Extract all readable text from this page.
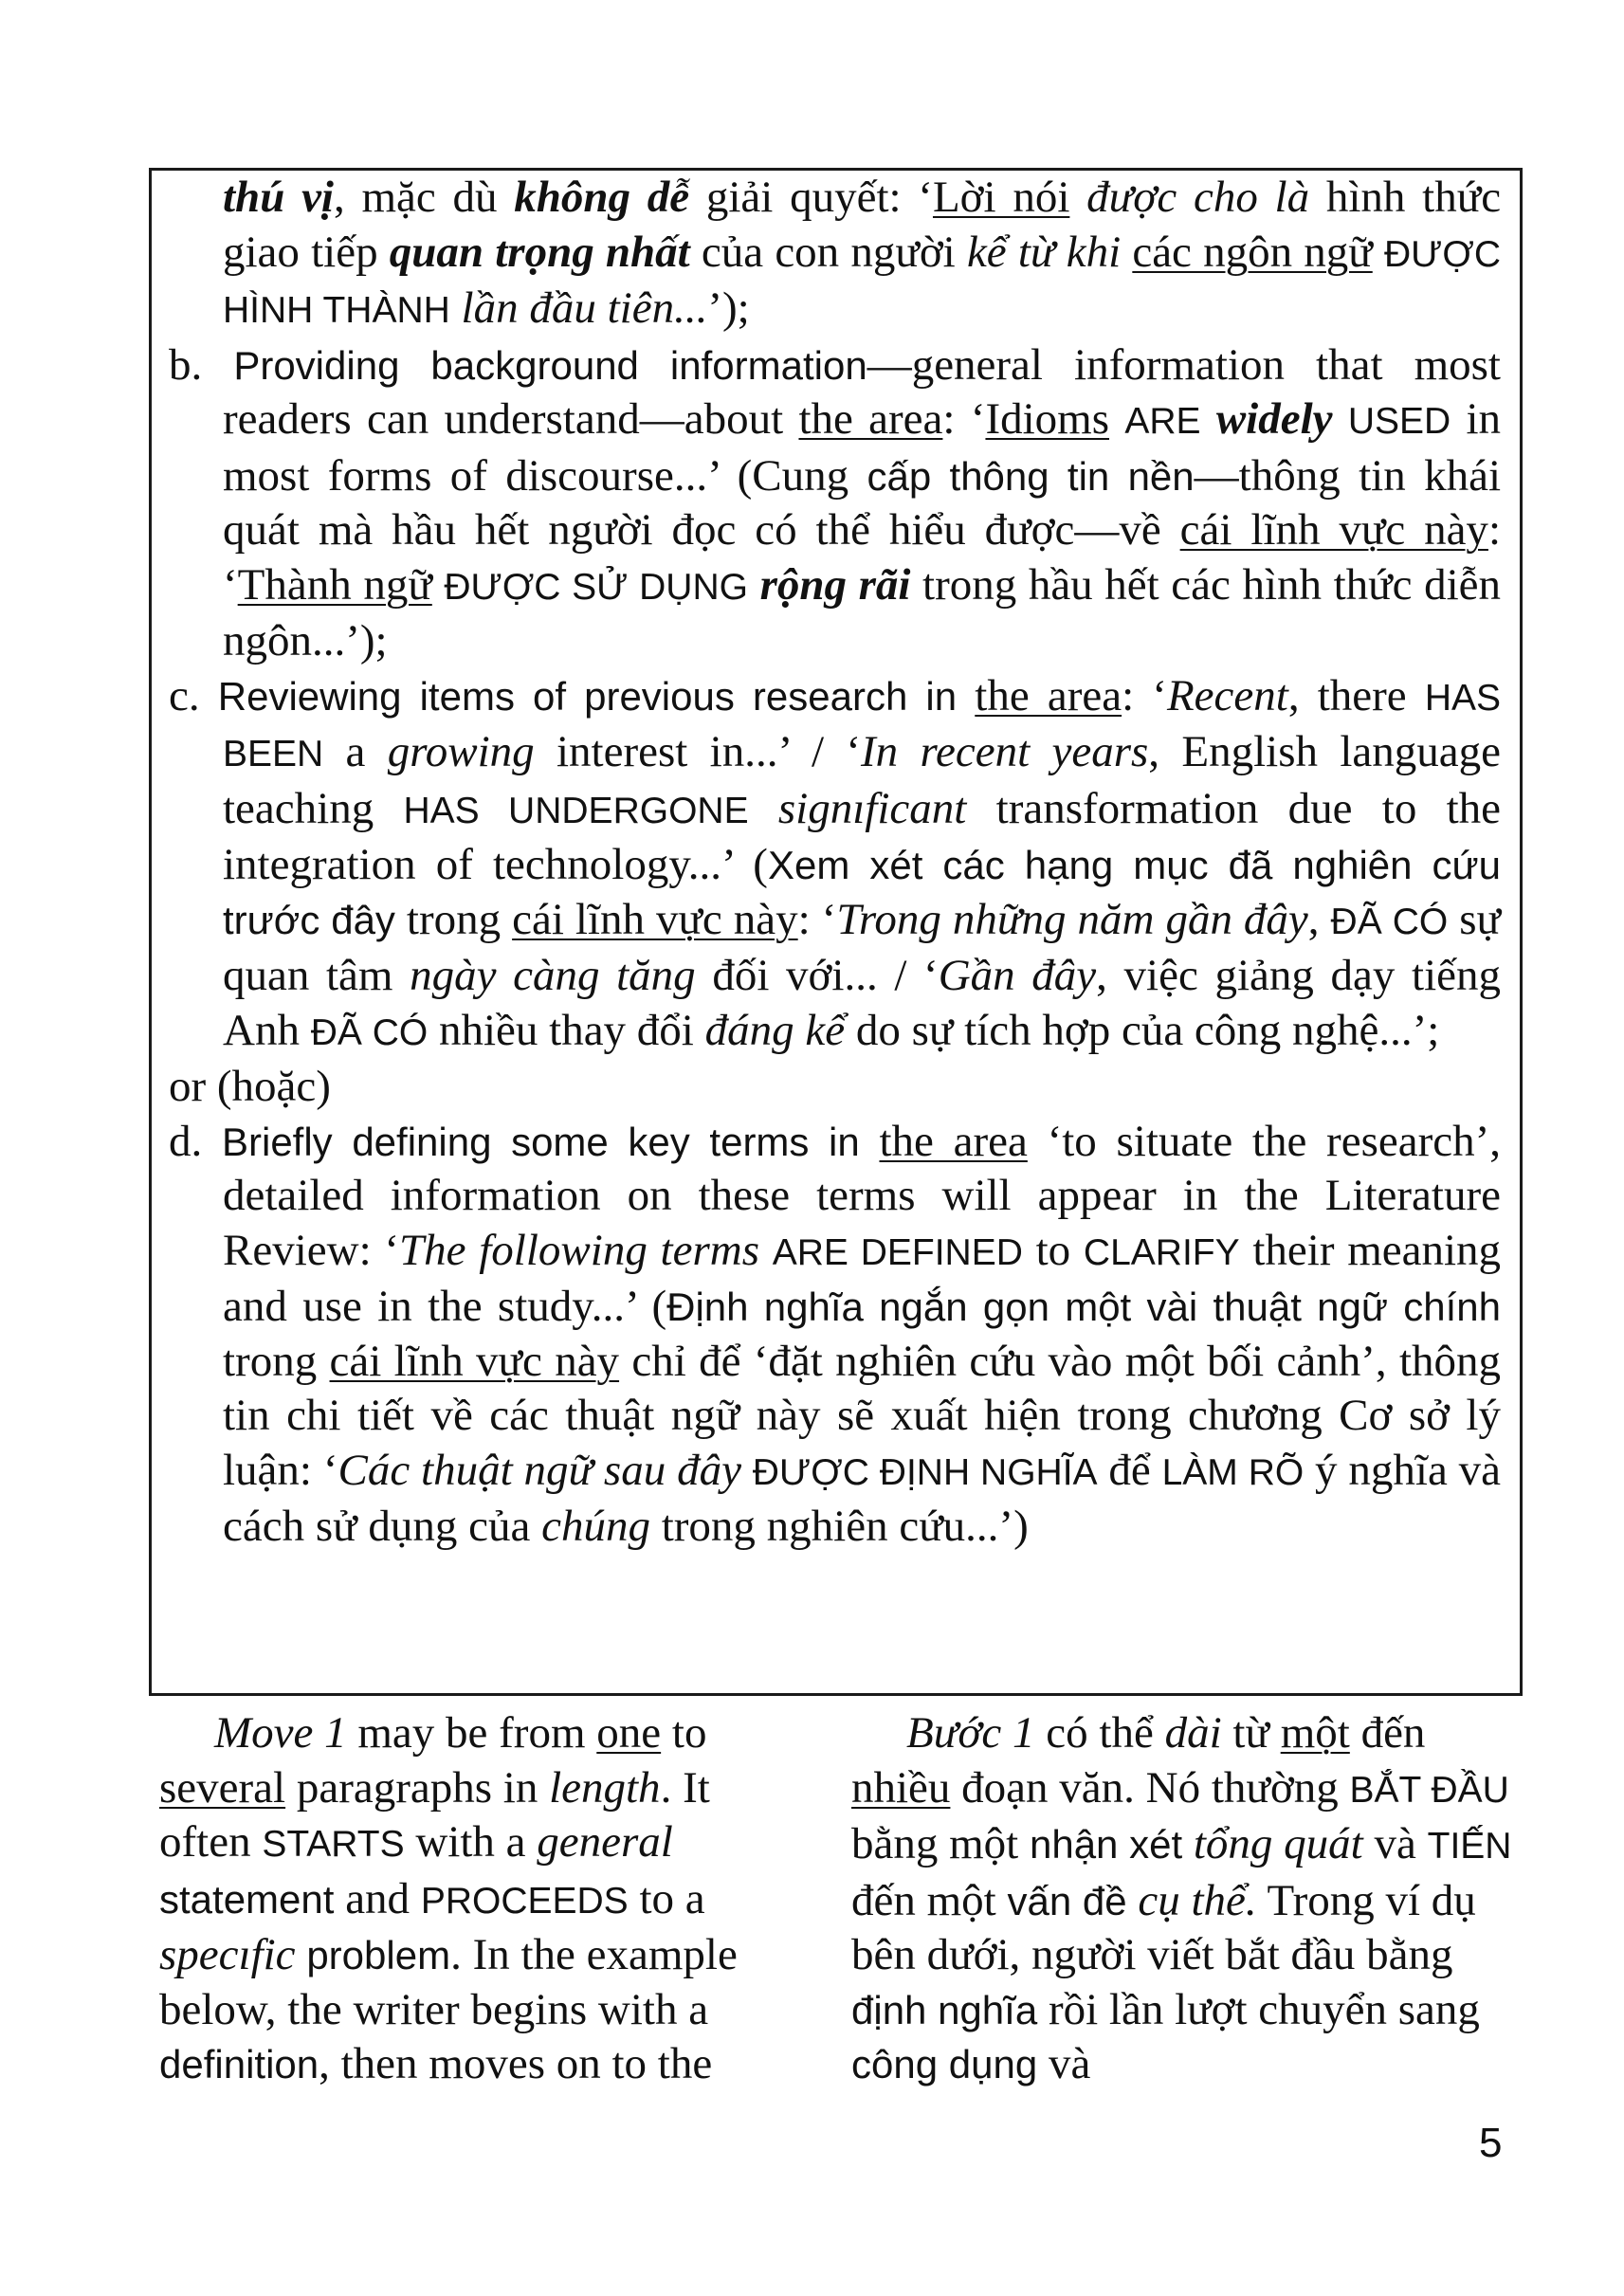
thú vị, mặc dù không dễ giải quyết: ‘Lời nói được cho là hình thức giao tiếp quan trọng nhất của con người kể từ khi các ngôn ngữ ĐƯỢC HÌNH THÀNH lần đầu tiên...’);

b. Providing background information—general information that most readers can understand—about the area: ‘Idioms ARE widely USED in most forms of discourse...’ (Cung cấp thông tin nền—thông tin khái quát mà hầu hết người đọc có thể hiểu được—về cái lĩnh vực này: ‘Thành ngữ ĐƯỢC SỬ DỤNG rộng rãi trong hầu hết các hình thức diễn ngôn...’);

c. Reviewing items of previous research in the area: ‘Recent, there HAS BEEN a growing interest in...’ / ‘In recent years, English language teaching HAS UNDERGONE signıficant transformation due to the integration of technology...’ (Xem xét các hạng mục đã nghiên cứu trước đây trong cái lĩnh vực này: ‘Trong những năm gần đây, ĐÃ CÓ sự quan tâm ngày càng tăng đối với... / ‘Gần đây, việc giảng dạy tiếng Anh ĐÃ CÓ nhiều thay đổi đáng kể do sự tích hợp của công nghệ...’;

or (hoặc)

d. Briefly defining some key terms in the area ‘to situate the research’, detailed information on these terms will appear in the Literature Review: ‘The following terms ARE DEFINED to CLARIFY their meaning and use in the study...’ (Định nghĩa ngắn gọn một vài thuật ngữ chính trong cái lĩnh vực này chỉ để ‘đặt nghiên cứu vào một bối cảnh’, thông tin chi tiết về các thuật ngữ này sẽ xuất hiện trong chương Cơ sở lý luận: ‘Các thuật ngữ sau đây ĐƯỢC ĐỊNH NGHĨA để LÀM RÕ ý nghĩa và cách sử dụng của chúng trong nghiên cứu...’)

Move 1 may be from one to several paragraphs in length. It often STARTS with a general statement and PROCEEDS to a specıfic problem. In the example below, the writer begins with a definition, then moves on to the

Bước 1 có thể dài từ một đến nhiều đoạn văn. Nó thường BẮT ĐẦU bằng một nhận xét tổng quát và TIẾN đến một vấn đề cụ thể. Trong ví dụ bên dưới, người viết bắt đầu bằng định nghĩa rồi lần lượt chuyển sang công dụng và

5
